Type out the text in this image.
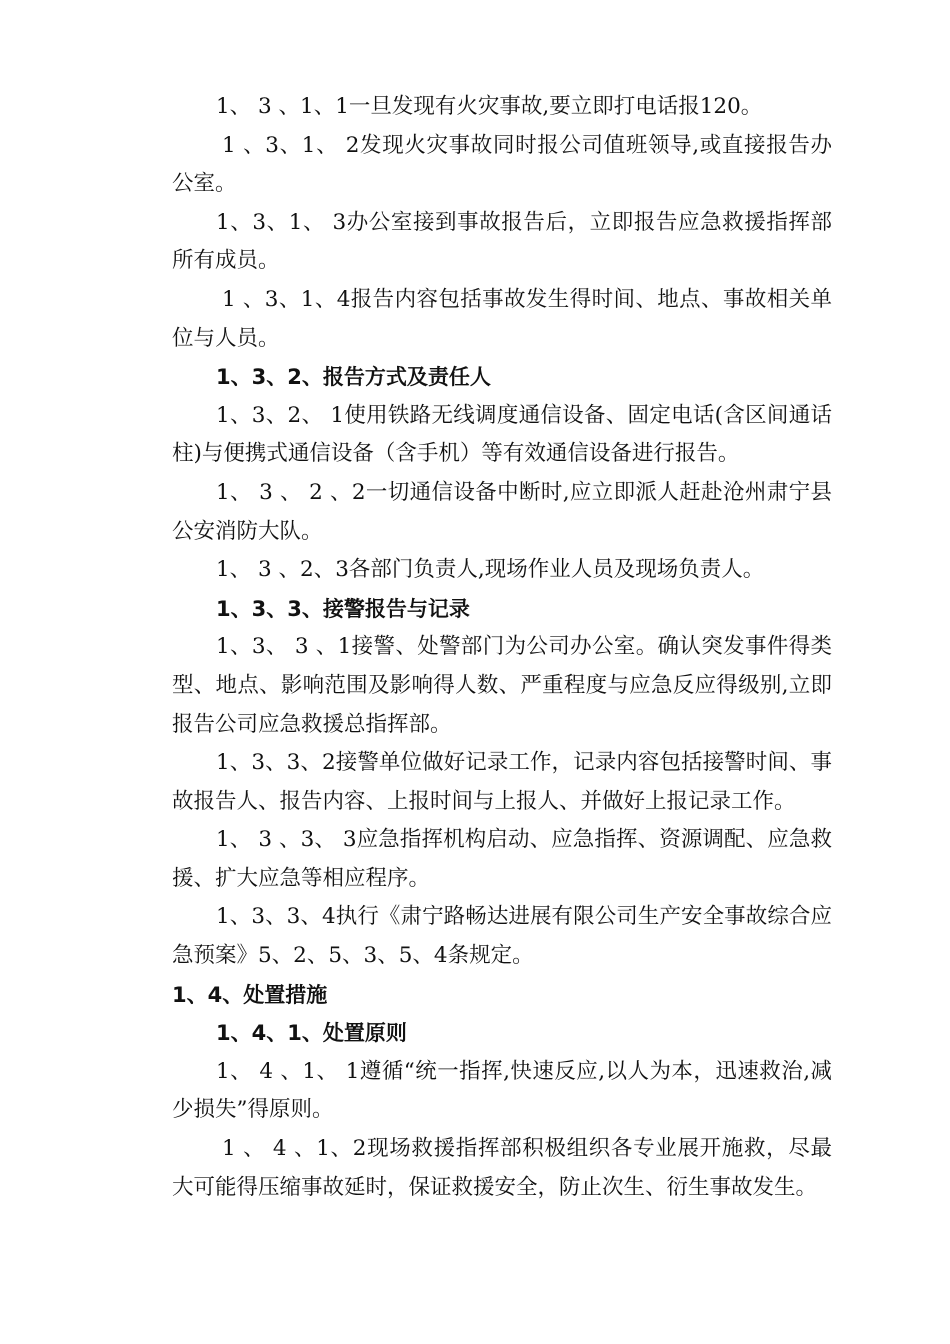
1、 3 、1、1一旦发现有火灾事故,要立即打电话报120。

1 、3、1、 2发现火灾事故同时报公司值班领导,或直接报告办公室。

1、3、1、 3办公室接到事故报告后，立即报告应急救援指挥部所有成员。

1 、3、1、4报告内容包括事故发生得时间、地点、事故相关单位与人员。

1、3、2、报告方式及责任人

1、3、2、 1使用铁路无线调度通信设备、固定电话(含区间通话柱)与便携式通信设备（含手机）等有效通信设备进行报告。

1、 3 、 2 、2一切通信设备中断时,应立即派人赶赴沧州肃宁县公安消防大队。

1、 3 、2、3各部门负责人,现场作业人员及现场负责人。

1、3、3、接警报告与记录

1、3、 3 、1接警、处警部门为公司办公室。确认突发事件得类型、地点、影响范围及影响得人数、严重程度与应急反应得级别,立即报告公司应急救援总指挥部。

1、3、3、2接警单位做好记录工作，记录内容包括接警时间、事故报告人、报告内容、上报时间与上报人、并做好上报记录工作。

1、 3 、3、 3应急指挥机构启动、应急指挥、资源调配、应急救援、扩大应急等相应程序。

1、3、3、4执行《肃宁路畅达进展有限公司生产安全事故综合应急预案》5、2、5、3、5、4条规定。

1、4、处置措施

1、4、1、处置原则

1、 4 、1、 1遵循“统一指挥,快速反应,以人为本，迅速救治,减少损失”得原则。

1 、 4 、1、2现场救援指挥部积极组织各专业展开施救，尽最大可能得压缩事故延时，保证救援安全，防止次生、衍生事故发生。
